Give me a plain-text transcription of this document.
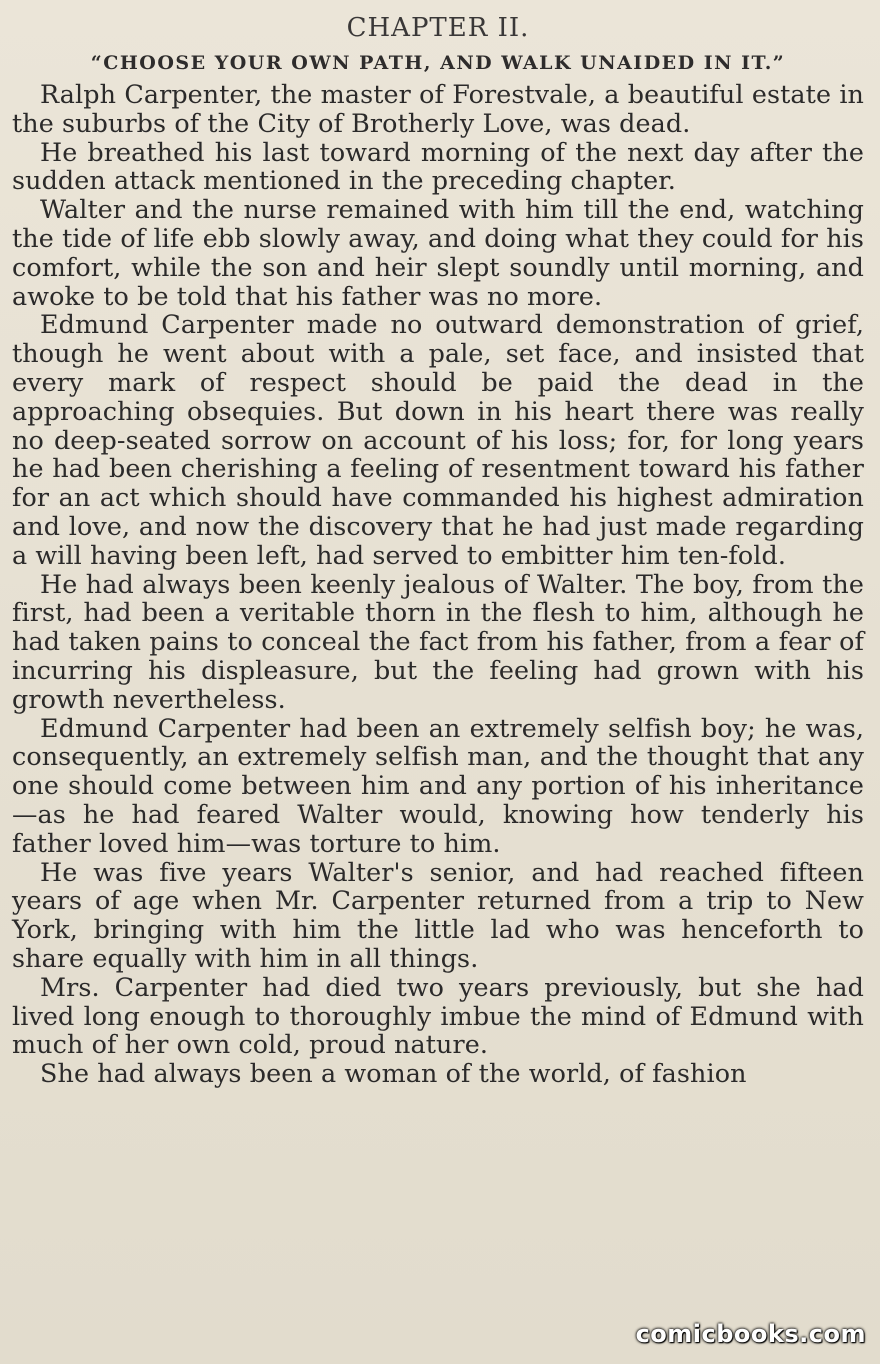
CHAPTER II.

“CHOOSE YOUR OWN PATH, AND WALK UNAIDED IN IT.”

Ralph Carpenter, the master of Forestvale, a beautiful estate in the suburbs of the City of Brotherly Love, was dead.

He breathed his last toward morning of the next day after the sudden attack mentioned in the preceding chapter.

Walter and the nurse remained with him till the end, watching the tide of life ebb slowly away, and doing what they could for his comfort, while the son and heir slept soundly until morning, and awoke to be told that his father was no more.

Edmund Carpenter made no outward demonstration of grief, though he went about with a pale, set face, and insisted that every mark of respect should be paid the dead in the approaching obsequies. But down in his heart there was really no deep-seated sorrow on account of his loss; for, for long years he had been cherishing a feeling of resentment toward his father for an act which should have commanded his highest admiration and love, and now the discovery that he had just made regarding a will having been left, had served to embitter him ten-fold.

He had always been keenly jealous of Walter. The boy, from the first, had been a veritable thorn in the flesh to him, although he had taken pains to conceal the fact from his father, from a fear of incurring his displeasure, but the feeling had grown with his growth nevertheless.

Edmund Carpenter had been an extremely selfish boy; he was, consequently, an extremely selfish man, and the thought that any one should come between him and any portion of his inheritance—as he had feared Walter would, knowing how tenderly his father loved him—was torture to him.

He was five years Walter's senior, and had reached fifteen years of age when Mr. Carpenter returned from a trip to New York, bringing with him the little lad who was henceforth to share equally with him in all things.

Mrs. Carpenter had died two years previously, but she had lived long enough to thoroughly imbue the mind of Edmund with much of her own cold, proud nature.

She had always been a woman of the world, of fashion

comicbooks.com
